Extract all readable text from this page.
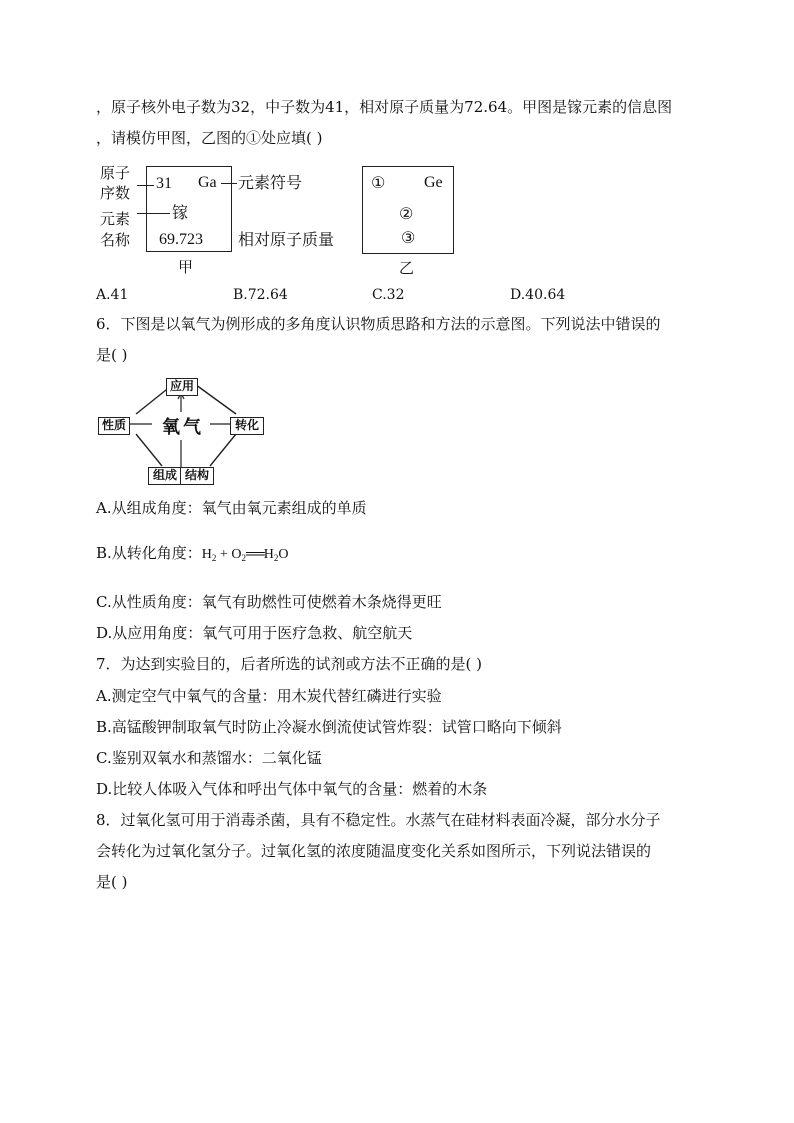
，原子核外电子数为32，中子数为41，相对原子质量为72.64。甲图是镓元素的信息图
，请模仿甲图，乙图的①处应填( )
原子
序数
元素
名称
31 Ga 元素符号
镓
69.723 相对原子质量
甲
① Ge
②
③
乙
A.41	B.72.64	C.32	D.40.64
6．下图是以氧气为例形成的多角度认识物质思路和方法的示意图。下列说法中错误的
是( )
应用
性质	转化
组成 结构
氧气
A.从组成角度：氧气由氧元素组成的单质
B.从转化角度：$H_2$ + $O_2══H_2O$
C.从性质角度：氧气有助燃性可使燃着木条烧得更旺
D.从应用角度：氧气可用于医疗急救、航空航天
7．为达到实验目的，后者所选的试剂或方法不正确的是( )
A.测定空气中氧气的含量：用木炭代替红磷进行实验
B.高锰酸钾制取氧气时防止冷凝水倒流使试管炸裂：试管口略向下倾斜
C.鉴别双氧水和蒸馏水：二氧化锰
D.比较人体吸入气体和呼出气体中氧气的含量：燃着的木条
8．过氧化氢可用于消毒杀菌，具有不稳定性。水蒸气在硅材料表面冷凝，部分水分子
会转化为过氧化氢分子。过氧化氢的浓度随温度变化关系如图所示，下列说法错误的
是( )
